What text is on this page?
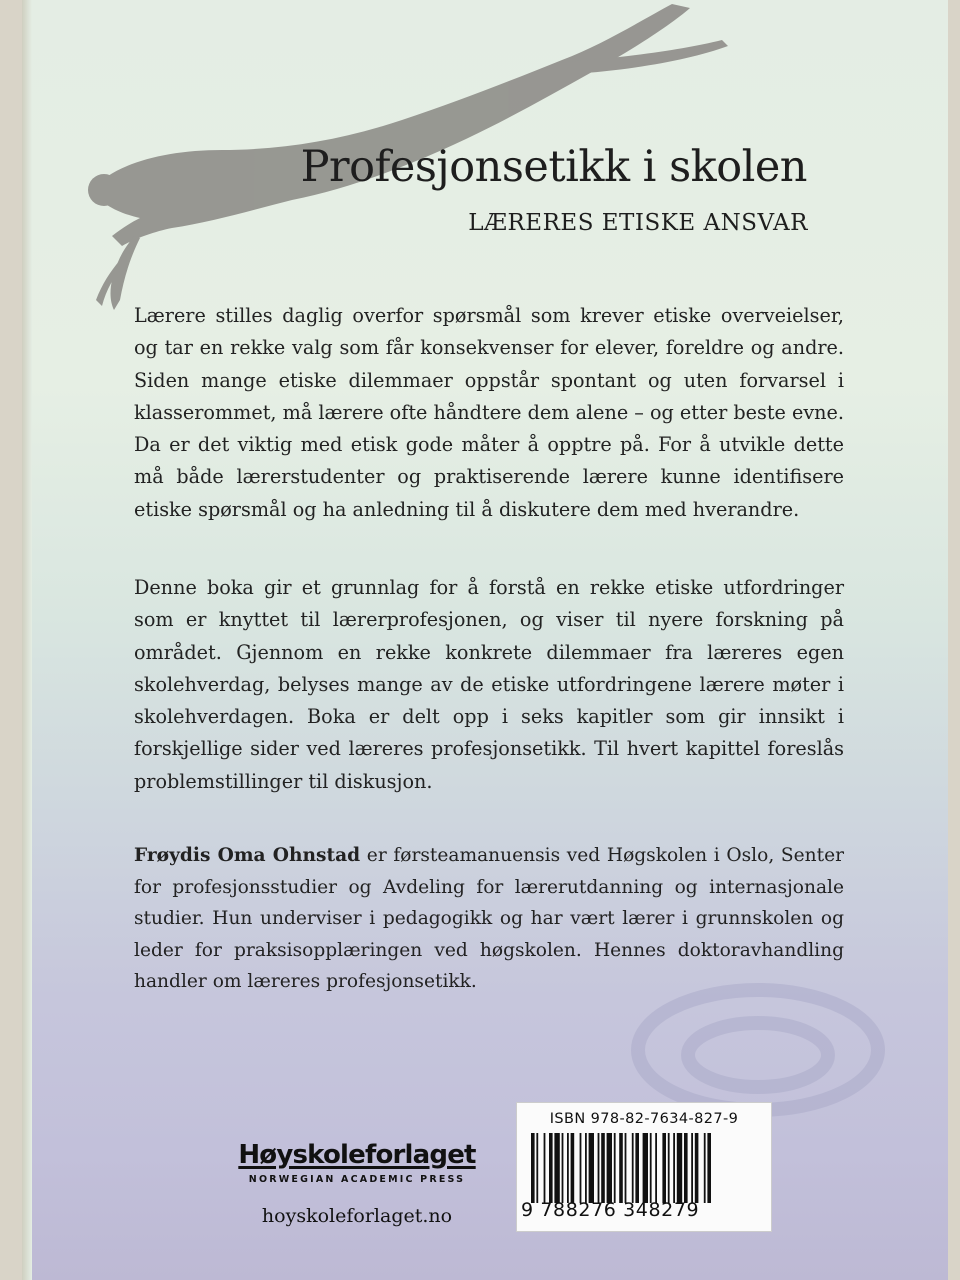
Profesjonsetikk i skolen
LÆRERES ETISKE ANSVAR
Lærere stilles daglig overfor spørsmål som krever etiske overveielser, og tar en rekke valg som får konsekvenser for elever, foreldre og andre. Siden mange etiske dilemmaer oppstår spontant og uten forvarsel i klasserommet, må lærere ofte håndtere dem alene – og etter beste evne. Da er det viktig med etisk gode måter å opptre på. For å utvikle dette må både lærerstudenter og praktiserende lærere kunne identifisere etiske spørsmål og ha anledning til å diskutere dem med hverandre.
Denne boka gir et grunnlag for å forstå en rekke etiske utfordringer som er knyttet til lærerprofesjonen, og viser til nyere forskning på området. Gjennom en rekke konkrete dilemmaer fra læreres egen skolehverdag, belyses mange av de etiske utfordringene lærere møter i skolehverdagen. Boka er delt opp i seks kapitler som gir innsikt i forskjellige sider ved læreres profesjonsetikk. Til hvert kapittel foreslås problemstillinger til diskusjon.
Frøydis Oma Ohnstad er førsteamanuensis ved Høgskolen i Oslo, Senter for profesjonsstudier og Avdeling for lærerutdanning og internasjonale studier. Hun underviser i pedagogikk og har vært lærer i grunnskolen og leder for praksisopplæringen ved høgskolen. Hennes doktoravhandling handler om læreres profesjonsetikk.
Høyskoleforlaget
NORWEGIAN ACADEMIC PRESS
hoyskoleforlaget.no
ISBN 978-82-7634-827-9
9 788276 348279
